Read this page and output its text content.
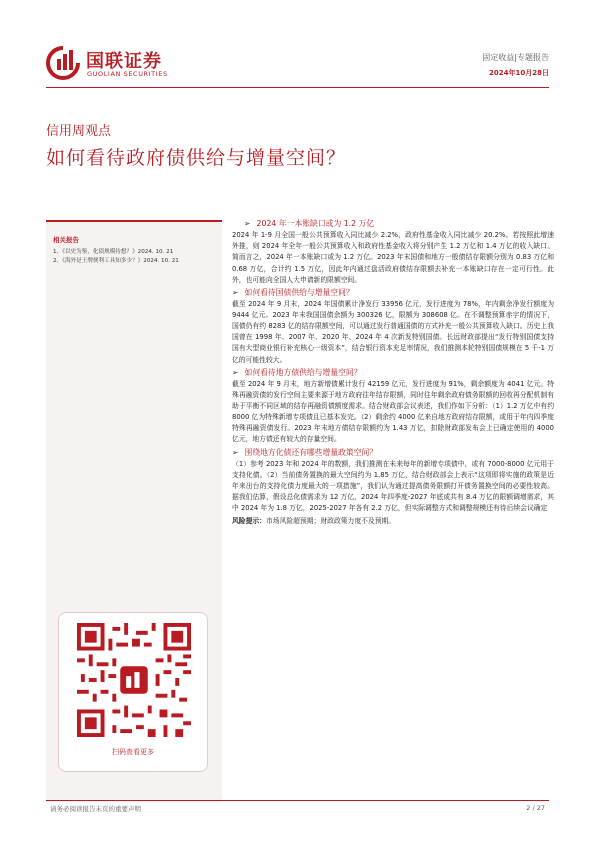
国联证券
GUOLIAN SECURITIES
固定收益|专题报告
2024年10月28日
信用周观点
如何看待政府债供给与增量空间？
相关报告
1、《以史为鉴，化债规模待想？》2024. 10. 21
2、《海外是王牌便利工具知多少？》2024. 10. 21
扫码查看更多
➢ 2024 年一本账缺口或为 1.2 万亿

2024 年 1-9 月全国一般公共预算收入同比减少 2.2%，政府性基金收入同比减少 20.2%。若按照此增速外推，则 2024 年全年一般公共预算收入和政府性基金收入将分别产生 1.2 万亿和 1.4 万亿的收入缺口。简而言之，2024 年一本账缺口或为 1.2 万亿。2023 年末国债和地方一般债结存限额分别为 0.83 万亿和 0.68 万亿，合计约 1.5 万亿，因此年内通过盘活政府债结存限额去补充一本账缺口存在一定可行性。此外，也可能向全国人大申请新的限额空间。

➢ 如何看待国债供给与增量空间？

截至 2024 年 9 月末，2024 年国债累计净发行 33956 亿元，发行进度为 78%，年内剩余净发行额度为 9444 亿元。2023 年末我国国债余额为 300326 亿，限额为 308608 亿。在不调整预算赤字的情况下，国债仍有约 8283 亿的结存限额空间，可以通过发行普通国债的方式补充一般公共预算收入缺口。历史上我国曾在 1998 年、2007 年、2020 年、2024 年 4 次新发特别国债。长远财政部提出“发行特别国债支持国有大型商业银行补充核心一级资本”，结合银行资本充足率情况，我们推测本轮特别国债规模在 5 千-1 万亿的可能性较大。

➢ 如何看待地方债供给与增量空间？

截至 2024 年 9 月末，地方新增债累计发行 42159 亿元，发行进度为 91%，剩余额度为 4041 亿元。特殊再融资债的发行空间主要来源于地方政府往年结存限额，同时往年剩余政府债务限额的回收再分配机制有助于平衡不同区域的结存再融资债额度需求。结合财政部会议表述，我们作如下分析：（1）1.2 万亿中有约 8000 亿为特殊新增专项债且已基本发完。（2）剩余约 4000 亿来自地方政府结存限额，或用于年内四季度特殊再融资债发行。2023 年末地方债结存限额约为 1.43 万亿，扣除财政部发布会上已确定使用的 4000 亿元，地方债还有较大的存量空间。

➢ 围绕地方化债还有哪些增量政策空间？

（1）参考 2023 年和 2024 年的数额，我们推测在未来每年的新增专项债中，或有 7000-8000 亿元用于支持化债。（2）当前债务置换的最大空间约为 1.85 万亿，结合财政部会上表示“这项即将实施的政策是近年来出台的支持化债力度最大的一项措施”，我们认为通过提高债务限额打开债务置换空间的必要性较高。据我们估算，假设总化债需求为 12 万亿，2024 年四季度-2027 年底或共有 8.4 万亿的限额调增需求，其中 2024 年为 1.8 万亿，2025-2027 年各有 2.2 万亿，但实际调整方式和调整规模还有待后续会议确定

风险提示：市场风险超预期；财政政策力度不及预期。

请务必阅读报告末页的重要声明	2 / 27
